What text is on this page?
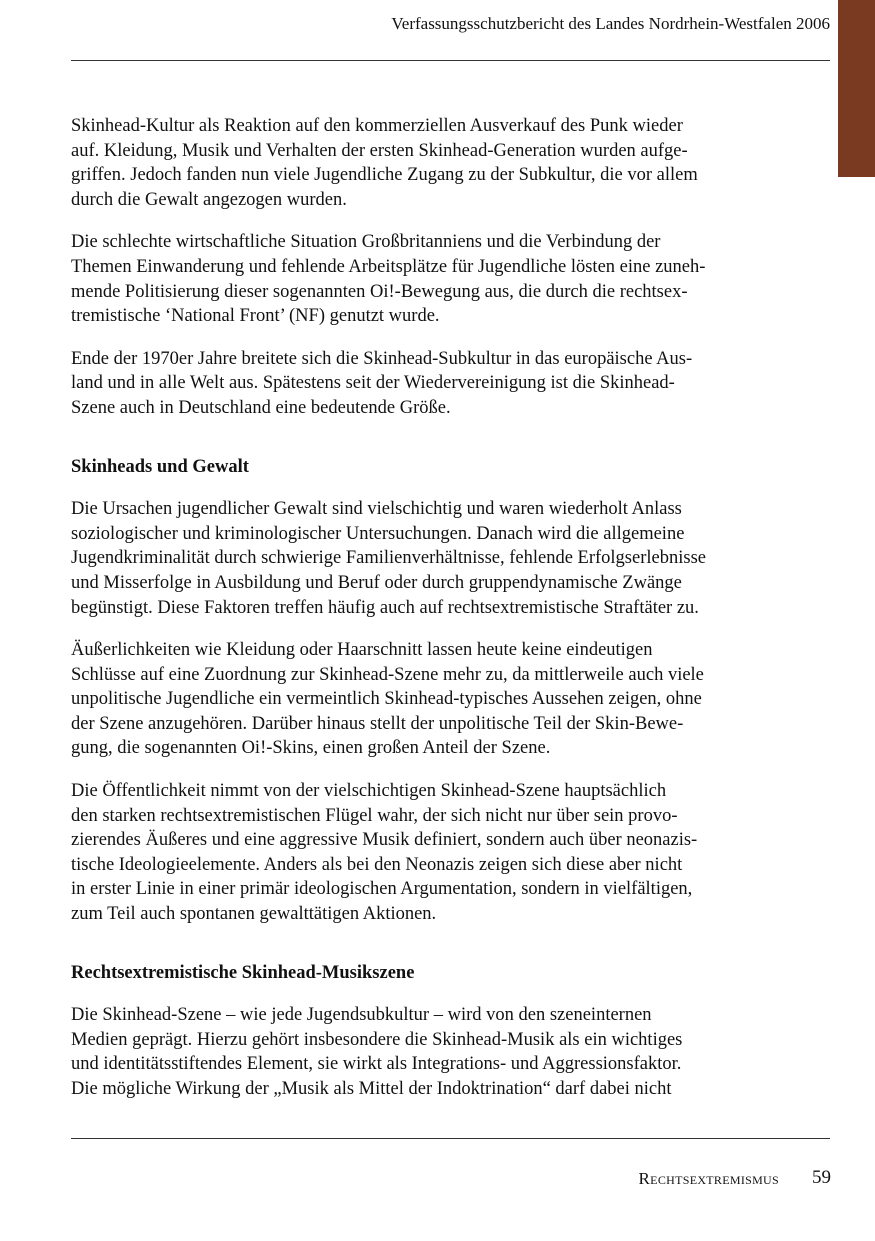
Verfassungsschutzbericht des Landes Nordrhein-Westfalen 2006

Skinhead-Kultur als Reaktion auf den kommerziellen Ausverkauf des Punk wieder
auf. Kleidung, Musik und Verhalten der ersten Skinhead-Generation wurden aufge-
griffen. Jedoch fanden nun viele Jugendliche Zugang zu der Subkultur, die vor allem
durch die Gewalt angezogen wurden.

Die schlechte wirtschaftliche Situation Großbritanniens und die Verbindung der
Themen Einwanderung und fehlende Arbeitsplätze für Jugendliche lösten eine zuneh-
mende Politisierung dieser sogenannten Oi!-Bewegung aus, die durch die rechtsex-
tremistische ‘National Front’ (NF) genutzt wurde.

Ende der 1970er Jahre breitete sich die Skinhead-Subkultur in das europäische Aus-
land und in alle Welt aus. Spätestens seit der Wiedervereinigung ist die Skinhead-
Szene auch in Deutschland eine bedeutende Größe.

Skinheads und Gewalt

Die Ursachen jugendlicher Gewalt sind vielschichtig und waren wiederholt Anlass
soziologischer und kriminologischer Untersuchungen. Danach wird die allgemeine
Jugendkriminalität durch schwierige Familienverhältnisse, fehlende Erfolgserlebnisse
und Misserfolge in Ausbildung und Beruf oder durch gruppendynamische Zwänge
begünstigt. Diese Faktoren treffen häufig auch auf rechtsextremistische Straftäter zu.

Äußerlichkeiten wie Kleidung oder Haarschnitt lassen heute keine eindeutigen
Schlüsse auf eine Zuordnung zur Skinhead-Szene mehr zu, da mittlerweile auch viele
unpolitische Jugendliche ein vermeintlich Skinhead-typisches Aussehen zeigen, ohne
der Szene anzugehören. Darüber hinaus stellt der unpolitische Teil der Skin-Bewe-
gung, die sogenannten Oi!-Skins, einen großen Anteil der Szene.

Die Öffentlichkeit nimmt von der vielschichtigen Skinhead-Szene hauptsächlich
den starken rechtsextremistischen Flügel wahr, der sich nicht nur über sein provo-
zierendes Äußeres und eine aggressive Musik definiert, sondern auch über neonazis-
tische Ideologieelemente. Anders als bei den Neonazis zeigen sich diese aber nicht
in erster Linie in einer primär ideologischen Argumentation, sondern in vielfältigen,
zum Teil auch spontanen gewalttätigen Aktionen.

Rechtsextremistische Skinhead-Musikszene

Die Skinhead-Szene – wie jede Jugendsubkultur – wird von den szeneinternen
Medien geprägt. Hierzu gehört insbesondere die Skinhead-Musik als ein wichtiges
und identitätsstiftendes Element, sie wirkt als Integrations- und Aggressionsfaktor.
Die mögliche Wirkung der „Musik als Mittel der Indoktrination“ darf dabei nicht

Rechtsextremismus 59
